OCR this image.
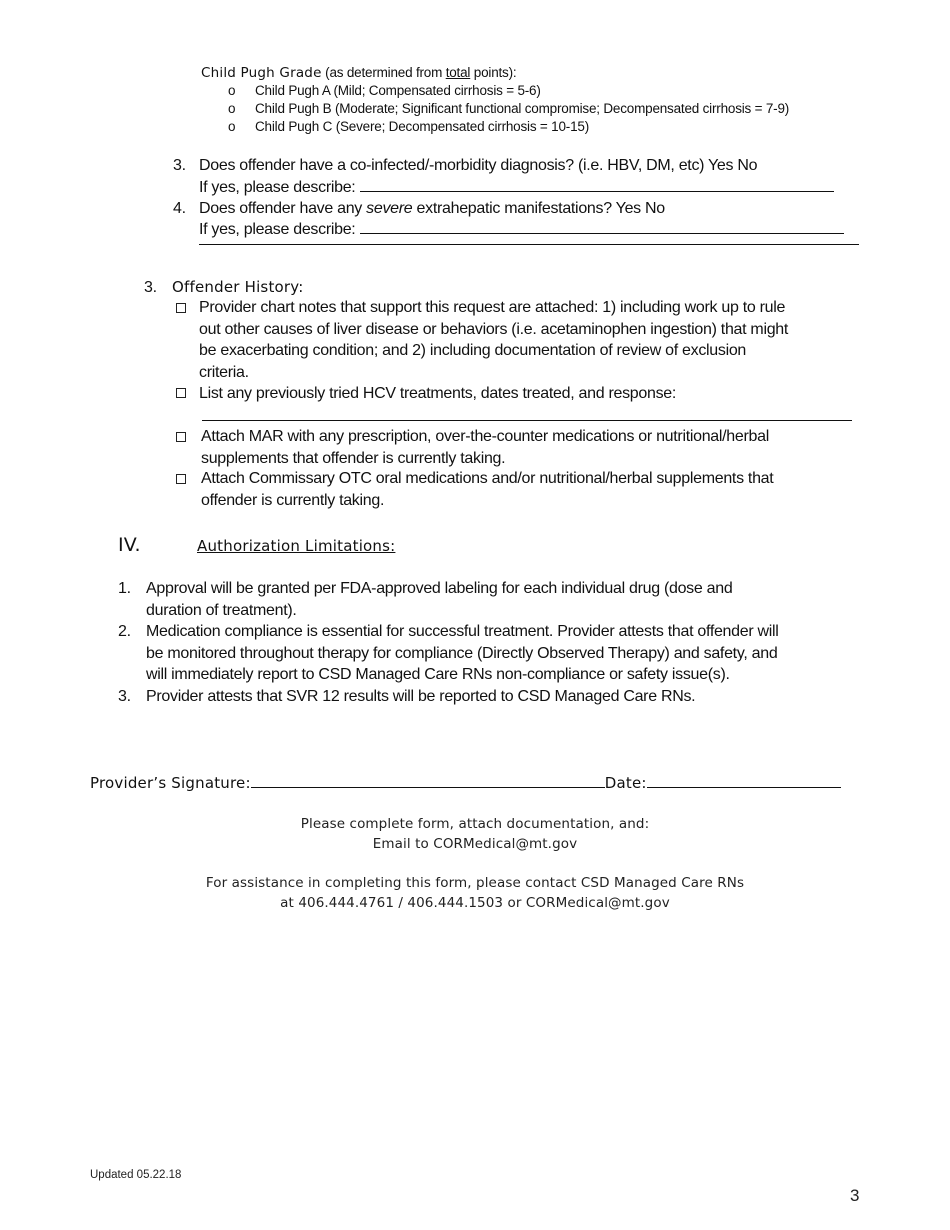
Child Pugh Grade (as determined from total points):
o Child Pugh A (Mild; Compensated cirrhosis = 5-6)
o Child Pugh B (Moderate; Significant functional compromise; Decompensated cirrhosis = 7-9)
o Child Pugh C (Severe; Decompensated cirrhosis = 10-15)
3. Does offender have a co-infected/-morbidity diagnosis? (i.e. HBV, DM, etc) Yes No
If yes, please describe:
4. Does offender have any severe extrahepatic manifestations? Yes No
If yes, please describe:
3. Offender History:
Provider chart notes that support this request are attached: 1) including work up to rule
out other causes of liver disease or behaviors (i.e. acetaminophen ingestion) that might
be exacerbating condition; and 2) including documentation of review of exclusion
criteria.
List any previously tried HCV treatments, dates treated, and response:
Attach MAR with any prescription, over-the-counter medications or nutritional/herbal
supplements that offender is currently taking.
Attach Commissary OTC oral medications and/or nutritional/herbal supplements that
offender is currently taking.
IV.	Authorization Limitations:
1. Approval will be granted per FDA-approved labeling for each individual drug (dose and
duration of treatment).
2. Medication compliance is essential for successful treatment. Provider attests that offender will
be monitored throughout therapy for compliance (Directly Observed Therapy) and safety, and
will immediately report to CSD Managed Care RNs non-compliance or safety issue(s).
3. Provider attests that SVR 12 results will be reported to CSD Managed Care RNs.
Provider’s Signature:	Date:
Please complete form, attach documentation, and:
Email to CORMedical@mt.gov
For assistance in completing this form, please contact CSD Managed Care RNs
at 406.444.4761 / 406.444.1503 or CORMedical@mt.gov
Updated 05.22.18
3
